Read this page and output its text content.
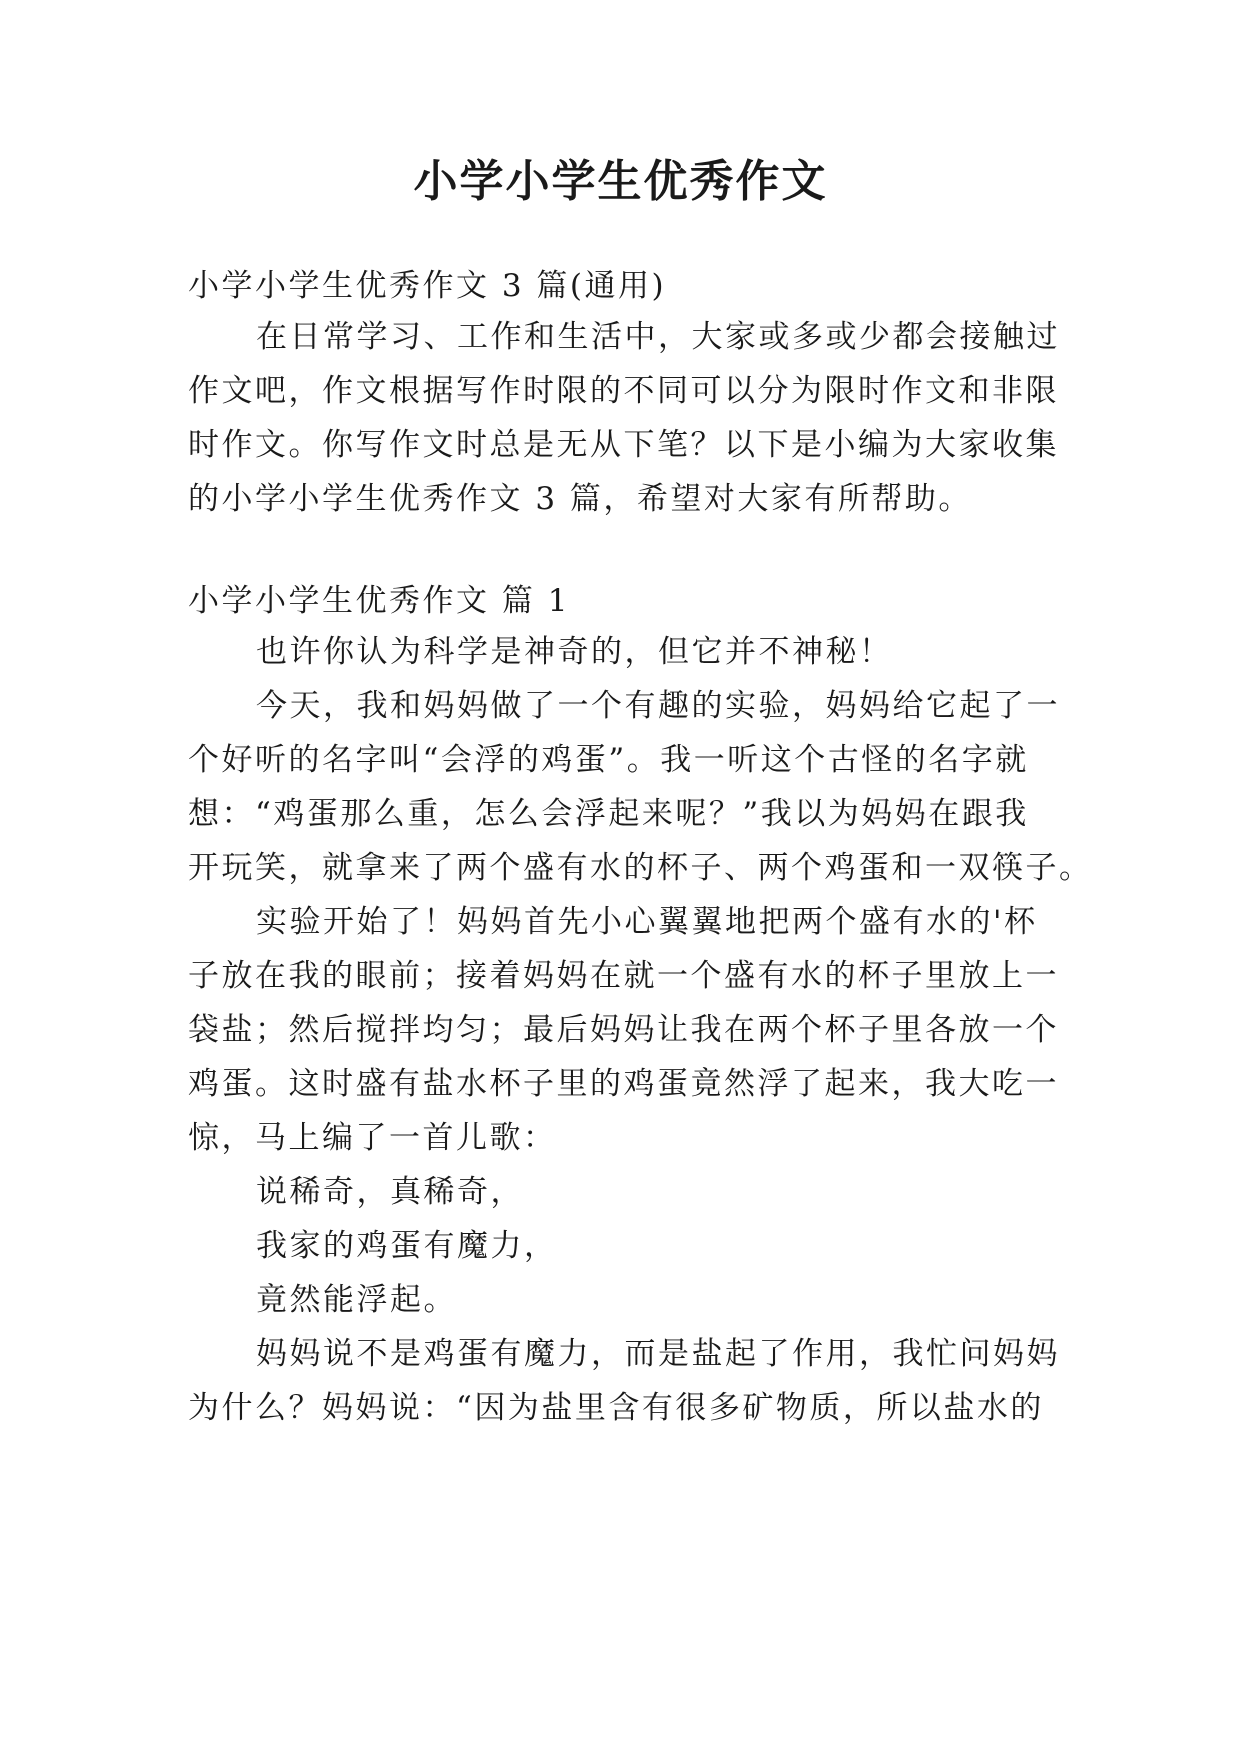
小学小学生优秀作文
小学小学生优秀作文 3 篇(通用)
在日常学习、工作和生活中，大家或多或少都会接触过
作文吧，作文根据写作时限的不同可以分为限时作文和非限
时作文。你写作文时总是无从下笔？以下是小编为大家收集
的小学小学生优秀作文 3 篇，希望对大家有所帮助。
小学小学生优秀作文 篇 1
也许你认为科学是神奇的，但它并不神秘！
今天，我和妈妈做了一个有趣的实验，妈妈给它起了一
个好听的名字叫“会浮的鸡蛋”。我一听这个古怪的名字就
想：“鸡蛋那么重，怎么会浮起来呢？”我以为妈妈在跟我
开玩笑，就拿来了两个盛有水的杯子、两个鸡蛋和一双筷子。
实验开始了！妈妈首先小心翼翼地把两个盛有水的'杯
子放在我的眼前；接着妈妈在就一个盛有水的杯子里放上一
袋盐；然后搅拌均匀；最后妈妈让我在两个杯子里各放一个
鸡蛋。这时盛有盐水杯子里的鸡蛋竟然浮了起来，我大吃一
惊，马上编了一首儿歌：
说稀奇，真稀奇，
我家的鸡蛋有魔力，
竟然能浮起。
妈妈说不是鸡蛋有魔力，而是盐起了作用，我忙问妈妈
为什么？妈妈说：“因为盐里含有很多矿物质，所以盐水的
